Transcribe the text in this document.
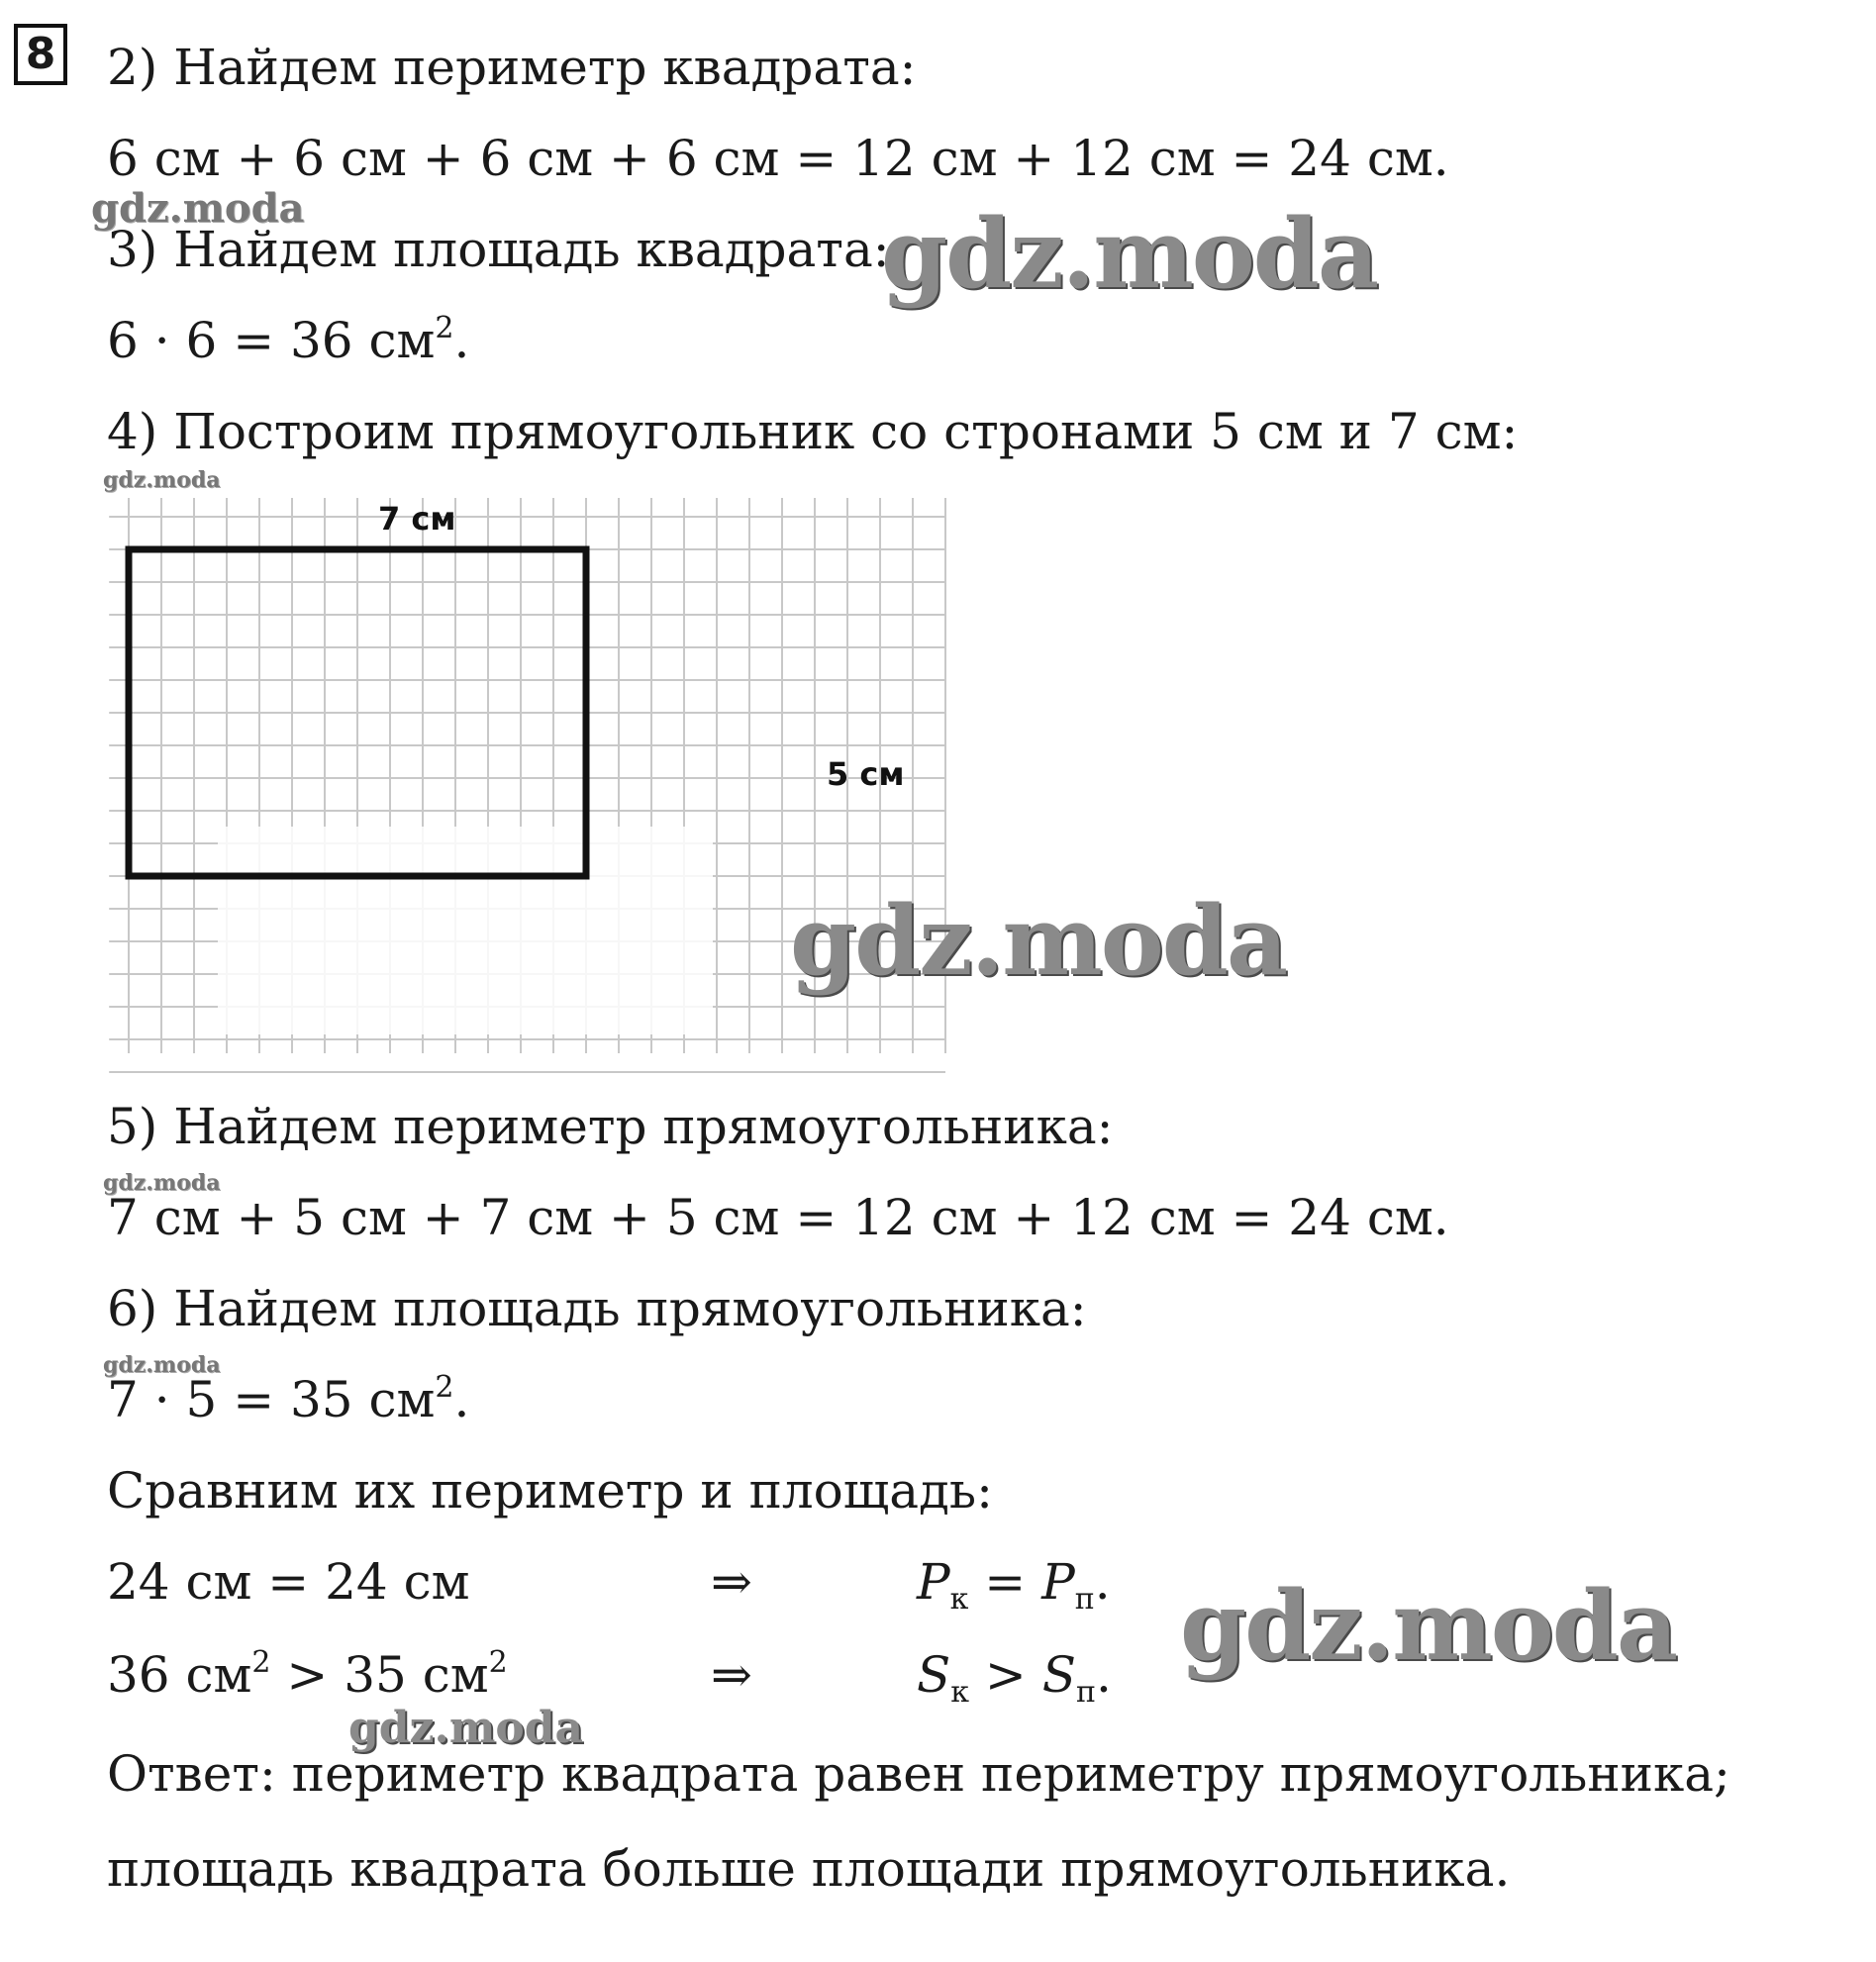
8 2) Найдем периметр квадрата:

6 см + 6 см + 6 см + 6 см = 12 см + 12 см = 24 см.

3) Найдем площадь квадрата:

6 · 6 = 36 $см^2$.

4) Построим прямоугольник со стронами 5 см и 7 см:

7 см
5 см

5) Найдем периметр прямоугольника:

7 см + 5 см + 7 см + 5 см = 12 см + 12 см = 24 см.

6) Найдем площадь прямоугольника:

7 · 5 = 35 $см^2$.

Сравним их периметр и площадь:

24 см = 24 см	⇒	$P_к = P_п$.
36 $см^2 > 35$ $см^2$	⇒	$S_к > S_п$.

Ответ: периметр квадрата равен периметру прямоугольника;

площадь квадрата больше площади прямоугольника.

gdz.moda	gdz.moda
gdz.moda
gdz.moda
gdz.moda
gdz.moda
gdz.moda
gdz.moda
